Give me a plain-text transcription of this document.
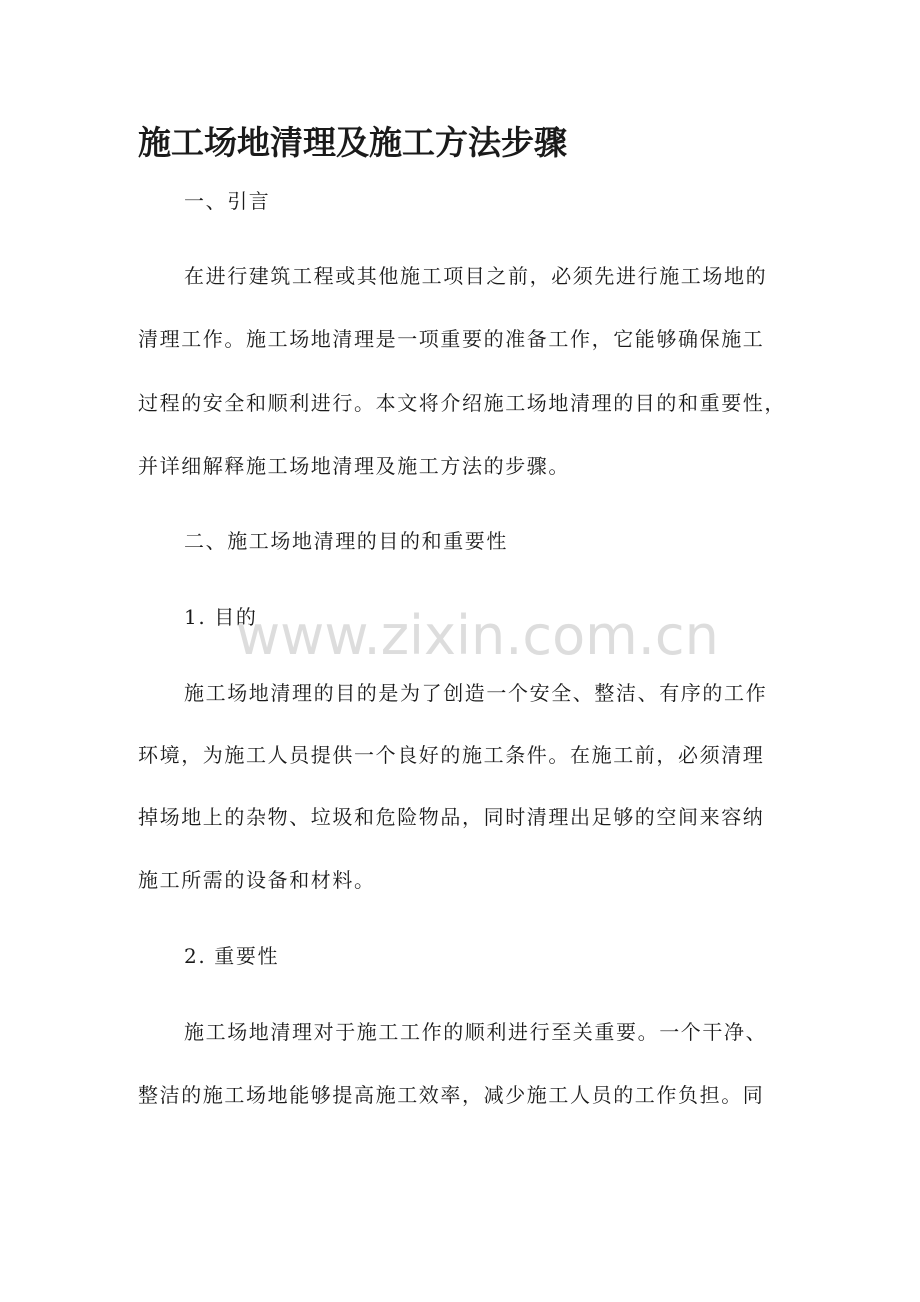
施工场地清理及施工方法步骤
一、引言
在进行建筑工程或其他施工项目之前，必须先进行施工场地的
清理工作。施工场地清理是一项重要的准备工作，它能够确保施工
过程的安全和顺利进行。本文将介绍施工场地清理的目的和重要性，
并详细解释施工场地清理及施工方法的步骤。
二、施工场地清理的目的和重要性
1. 目的
施工场地清理的目的是为了创造一个安全、整洁、有序的工作
环境，为施工人员提供一个良好的施工条件。在施工前，必须清理
掉场地上的杂物、垃圾和危险物品，同时清理出足够的空间来容纳
施工所需的设备和材料。
2. 重要性
施工场地清理对于施工工作的顺利进行至关重要。一个干净、
整洁的施工场地能够提高施工效率，减少施工人员的工作负担。同
www.zixin.com.cn
